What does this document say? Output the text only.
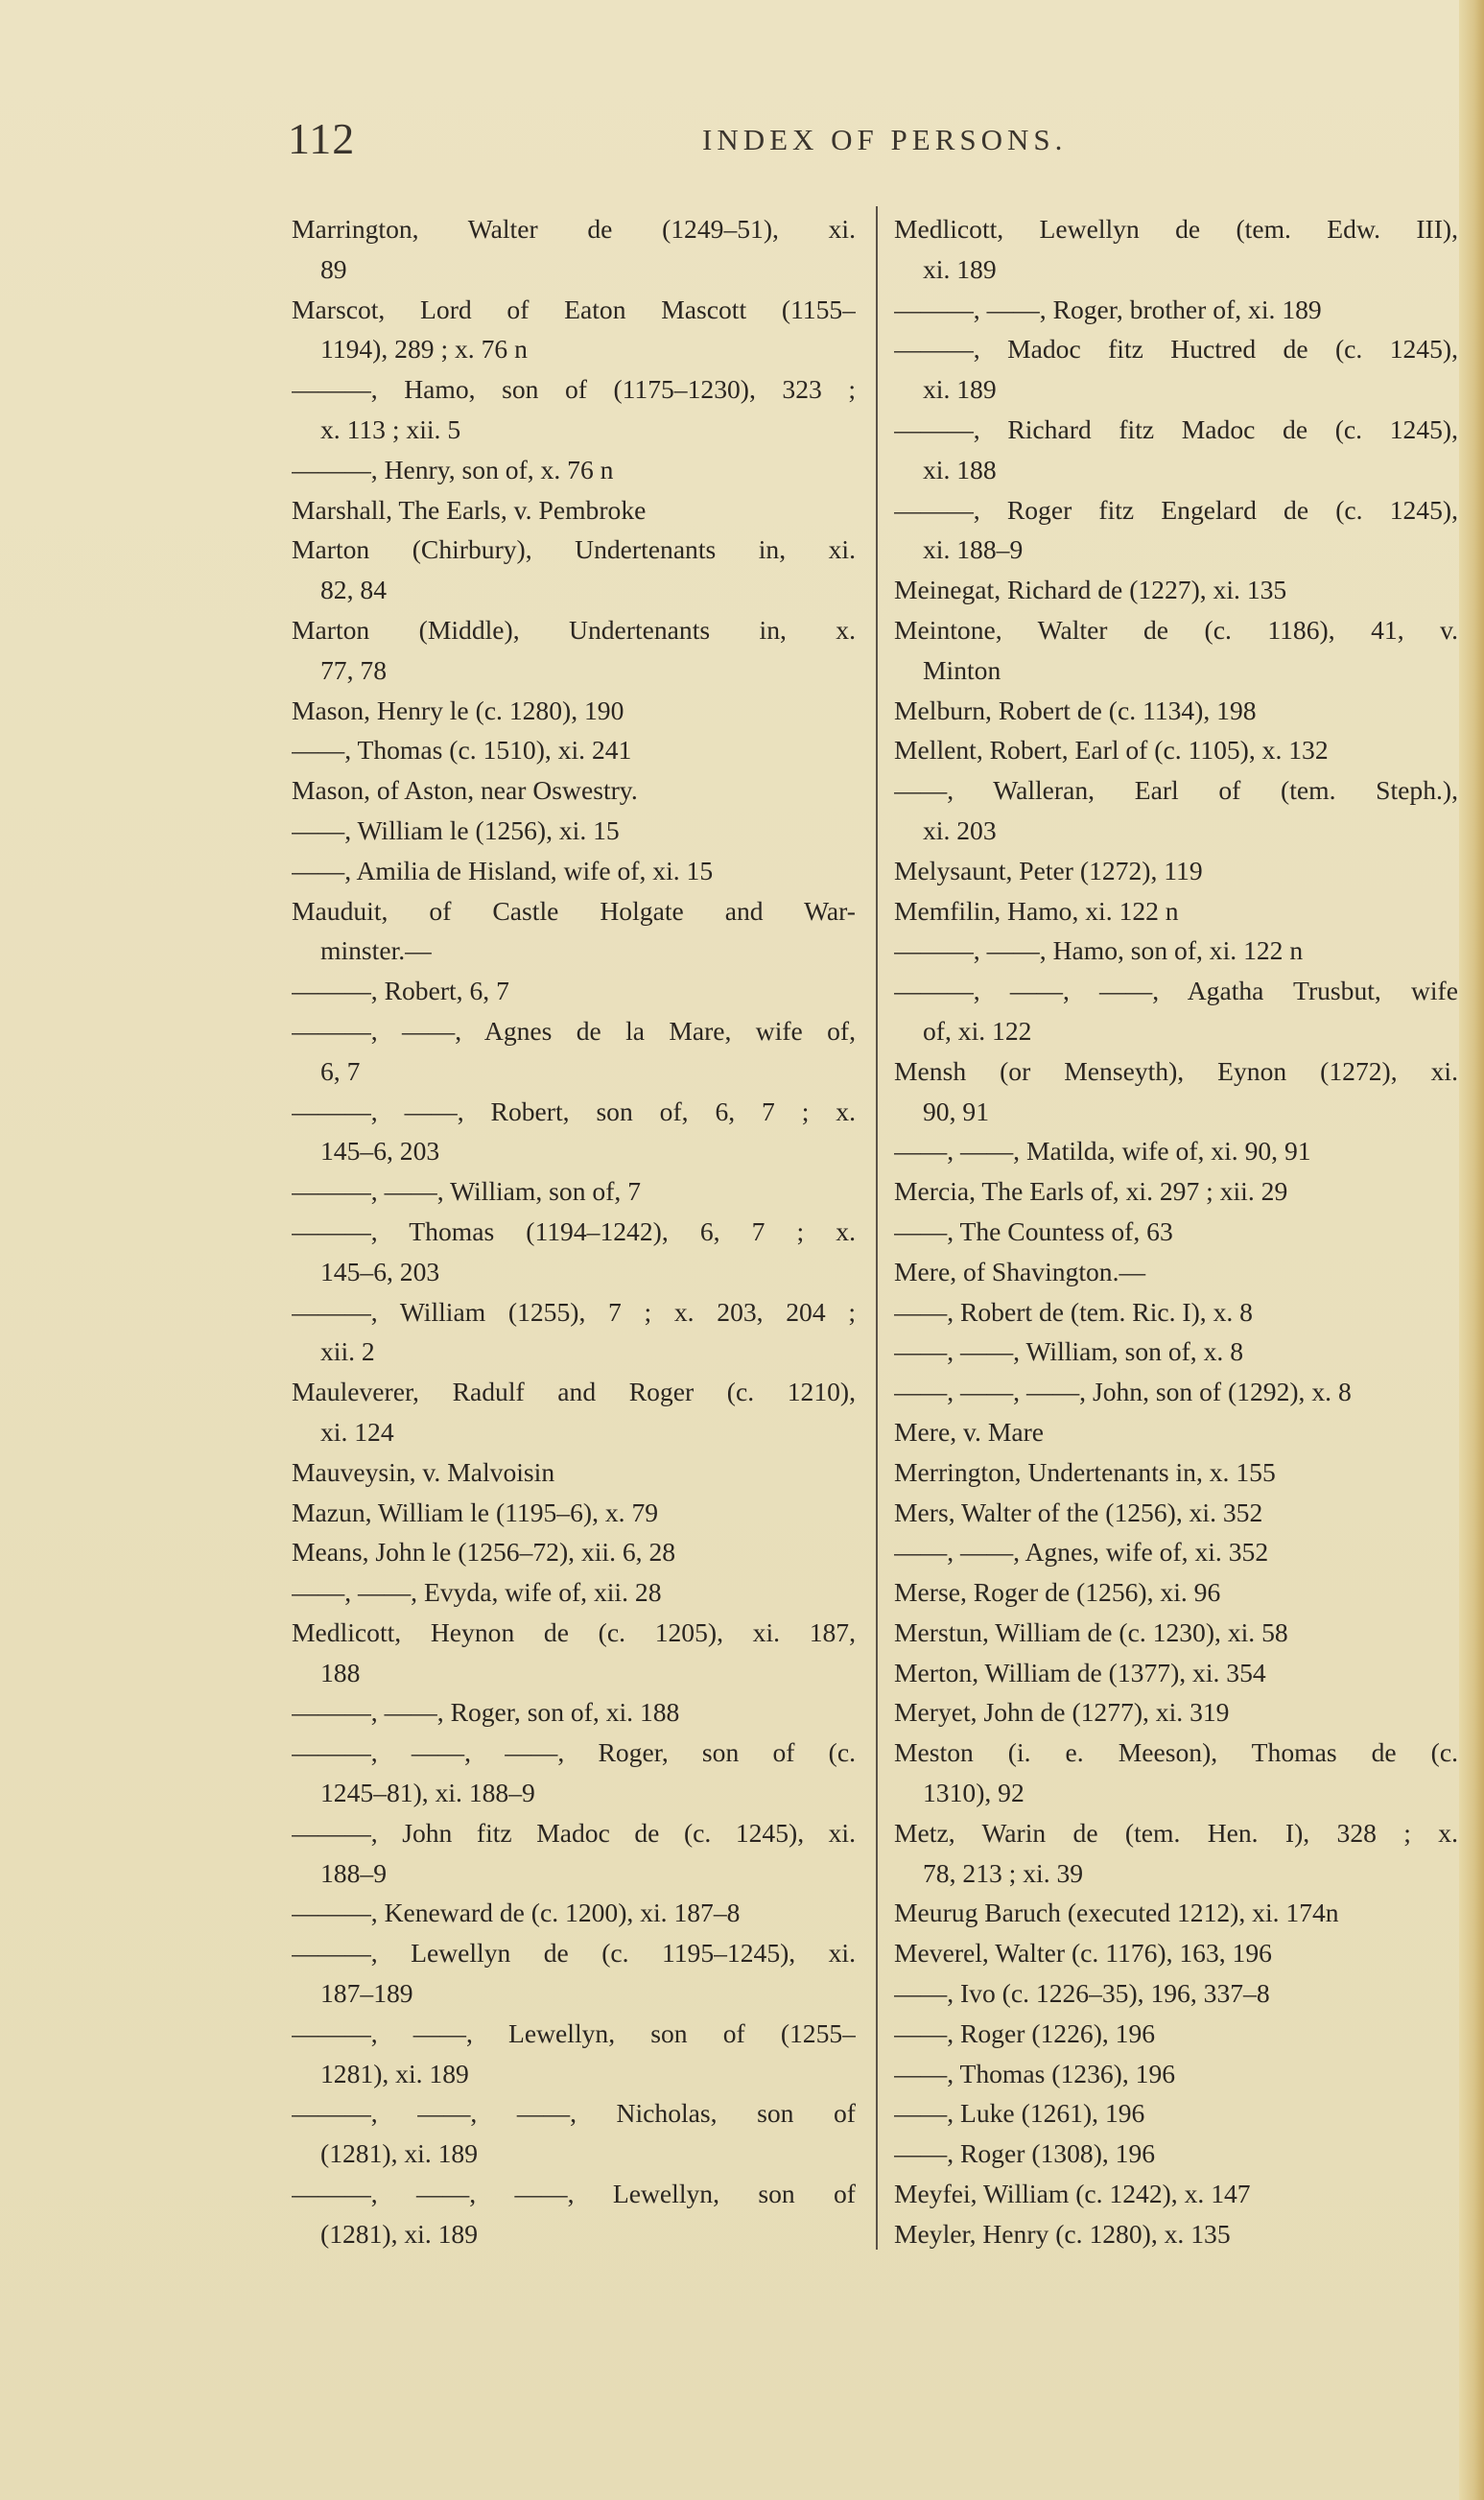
112	INDEX OF PERSONS.
Marrington, Walter de (1249–51), xi.
89
Marscot, Lord of Eaton Mascott (1155–
1194), 289 ; x. 76 n
———, Hamo, son of (1175–1230), 323 ;
x. 113 ; xii. 5
———, Henry, son of, x. 76 n
Marshall, The Earls, v. Pembroke
Marton (Chirbury), Undertenants in, xi.
82, 84
Marton (Middle), Undertenants in, x.
77, 78
Mason, Henry le (c. 1280), 190
——, Thomas (c. 1510), xi. 241
Mason, of Aston, near Oswestry.
——, William le (1256), xi. 15
——, Amilia de Hisland, wife of, xi. 15
Mauduit, of Castle Holgate and War-
minster.—
———, Robert, 6, 7
———, ——, Agnes de la Mare, wife of,
6, 7
———, ——, Robert, son of, 6, 7 ; x.
145–6, 203
———, ——, William, son of, 7
———, Thomas (1194–1242), 6, 7 ; x.
145–6, 203
———, William (1255), 7 ; x. 203, 204 ;
xii. 2
Mauleverer, Radulf and Roger (c. 1210),
xi. 124
Mauveysin, v. Malvoisin
Mazun, William le (1195–6), x. 79
Means, John le (1256–72), xii. 6, 28
——, ——, Evyda, wife of, xii. 28
Medlicott, Heynon de (c. 1205), xi. 187,
188
———, ——, Roger, son of, xi. 188
———, ——, ——, Roger, son of (c.
1245–81), xi. 188–9
———, John fitz Madoc de (c. 1245), xi.
188–9
———, Keneward de (c. 1200), xi. 187–8
———, Lewellyn de (c. 1195–1245), xi.
187–189
———, ——, Lewellyn, son of (1255–
1281), xi. 189
———, ——, ——, Nicholas, son of
(1281), xi. 189
———, ——, ——, Lewellyn, son of
(1281), xi. 189
Medlicott, Lewellyn de (tem. Edw. III),
xi. 189
———, ——, Roger, brother of, xi. 189
———, Madoc fitz Huctred de (c. 1245),
xi. 189
———, Richard fitz Madoc de (c. 1245),
xi. 188
———, Roger fitz Engelard de (c. 1245),
xi. 188–9
Meinegat, Richard de (1227), xi. 135
Meintone, Walter de (c. 1186), 41, v.
Minton
Melburn, Robert de (c. 1134), 198
Mellent, Robert, Earl of (c. 1105), x. 132
——, Walleran, Earl of (tem. Steph.),
xi. 203
Melysaunt, Peter (1272), 119
Memfilin, Hamo, xi. 122 n
———, ——, Hamo, son of, xi. 122 n
———, ——, ——, Agatha Trusbut, wife
of, xi. 122
Mensh (or Menseyth), Eynon (1272), xi.
90, 91
——, ——, Matilda, wife of, xi. 90, 91
Mercia, The Earls of, xi. 297 ; xii. 29
——, The Countess of, 63
Mere, of Shavington.—
——, Robert de (tem. Ric. I), x. 8
——, ——, William, son of, x. 8
——, ——, ——, John, son of (1292), x. 8
Mere, v. Mare
Merrington, Undertenants in, x. 155
Mers, Walter of the (1256), xi. 352
——, ——, Agnes, wife of, xi. 352
Merse, Roger de (1256), xi. 96
Merstun, William de (c. 1230), xi. 58
Merton, William de (1377), xi. 354
Meryet, John de (1277), xi. 319
Meston (i. e. Meeson), Thomas de (c.
1310), 92
Metz, Warin de (tem. Hen. I), 328 ; x.
78, 213 ; xi. 39
Meurug Baruch (executed 1212), xi. 174n
Meverel, Walter (c. 1176), 163, 196
——, Ivo (c. 1226–35), 196, 337–8
——, Roger (1226), 196
——, Thomas (1236), 196
——, Luke (1261), 196
——, Roger (1308), 196
Meyfei, William (c. 1242), x. 147
Meyler, Henry (c. 1280), x. 135
